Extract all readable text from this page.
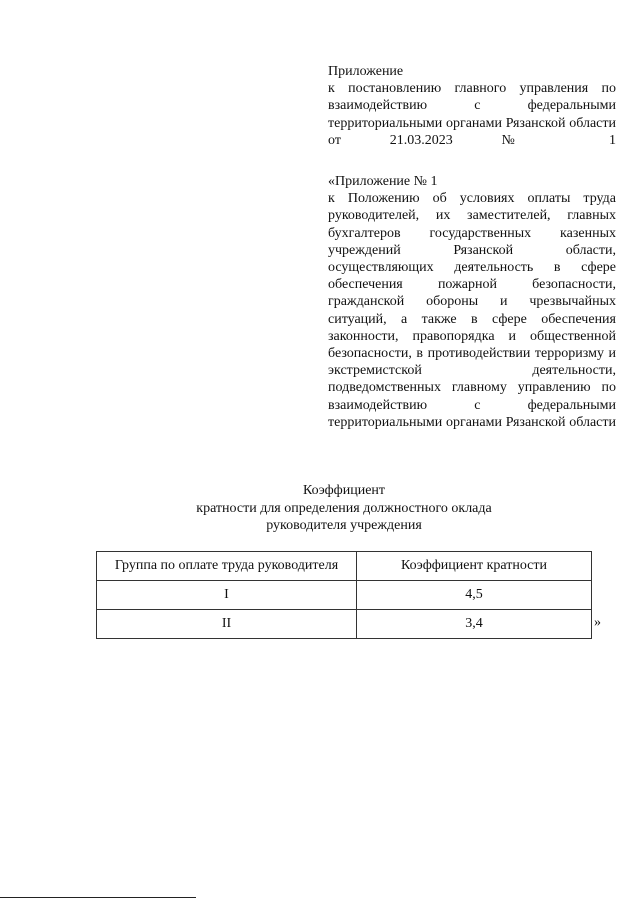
Приложение
к постановлению главного управления по взаимодействию с федеральными территориальными органами Рязанской области от 21.03.2023 № 1
«Приложение № 1
к Положению об условиях оплаты труда руководителей, их заместителей, главных бухгалтеров государственных казенных учреждений Рязанской области, осуществляющих деятельность в сфере обеспечения пожарной безопасности, гражданской обороны и чрезвычайных ситуаций, а также в сфере обеспечения законности, правопорядка и общественной безопасности, в противодействии терроризму и экстремистской деятельности, подведомственных главному управлению по взаимодействию с федеральными территориальными органами Рязанской области
Коэффициент
кратности для определения должностного оклада
руководителя учреждения
Группа по оплате труда руководителя	Коэффициент кратности
I	4,5
II	3,4	»
